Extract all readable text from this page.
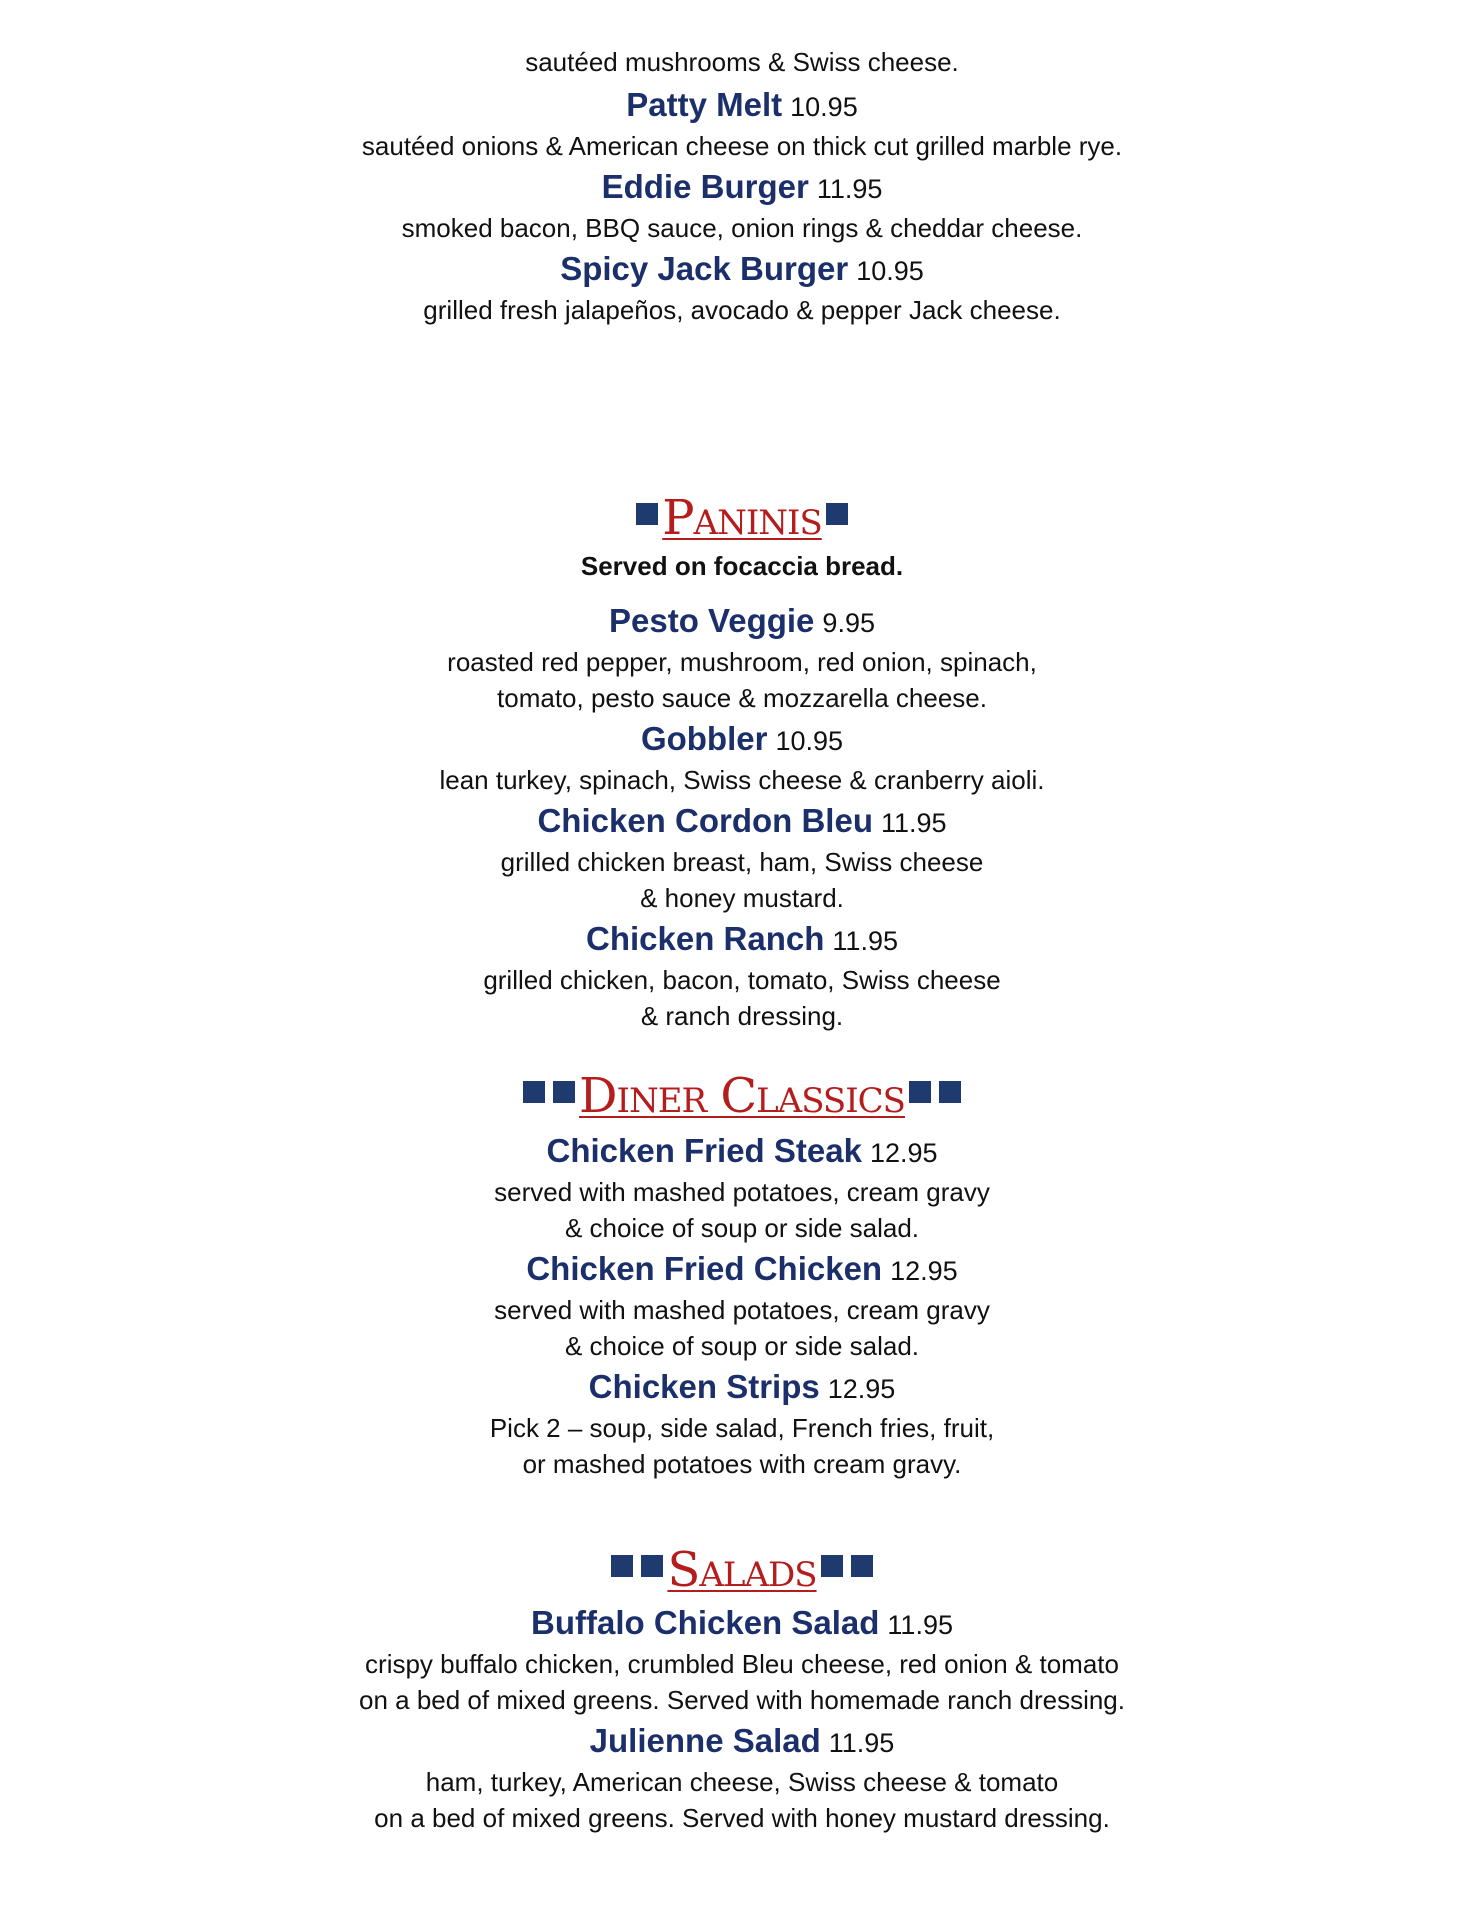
sautéed mushrooms & Swiss cheese.
Patty Melt 10.95
sautéed onions & American cheese on thick cut grilled marble rye.
Eddie Burger 11.95
smoked bacon, BBQ sauce, onion rings & cheddar cheese.
Spicy Jack Burger 10.95
grilled fresh jalapeños, avocado & pepper Jack cheese.
Paninis
Served on focaccia bread.
Pesto Veggie 9.95
roasted red pepper, mushroom, red onion, spinach,
tomato, pesto sauce & mozzarella cheese.
Gobbler 10.95
lean turkey, spinach, Swiss cheese & cranberry aioli.
Chicken Cordon Bleu 11.95
grilled chicken breast, ham, Swiss cheese
& honey mustard.
Chicken Ranch 11.95
grilled chicken, bacon, tomato, Swiss cheese
& ranch dressing.
Diner Classics
Chicken Fried Steak 12.95
served with mashed potatoes, cream gravy
& choice of soup or side salad.
Chicken Fried Chicken 12.95
served with mashed potatoes, cream gravy
& choice of soup or side salad.
Chicken Strips 12.95
Pick 2 – soup, side salad, French fries, fruit,
or mashed potatoes with cream gravy.
Salads
Buffalo Chicken Salad 11.95
crispy buffalo chicken, crumbled Bleu cheese, red onion & tomato
on a bed of mixed greens. Served with homemade ranch dressing.
Julienne Salad 11.95
ham, turkey, American cheese, Swiss cheese & tomato
on a bed of mixed greens. Served with honey mustard dressing.
